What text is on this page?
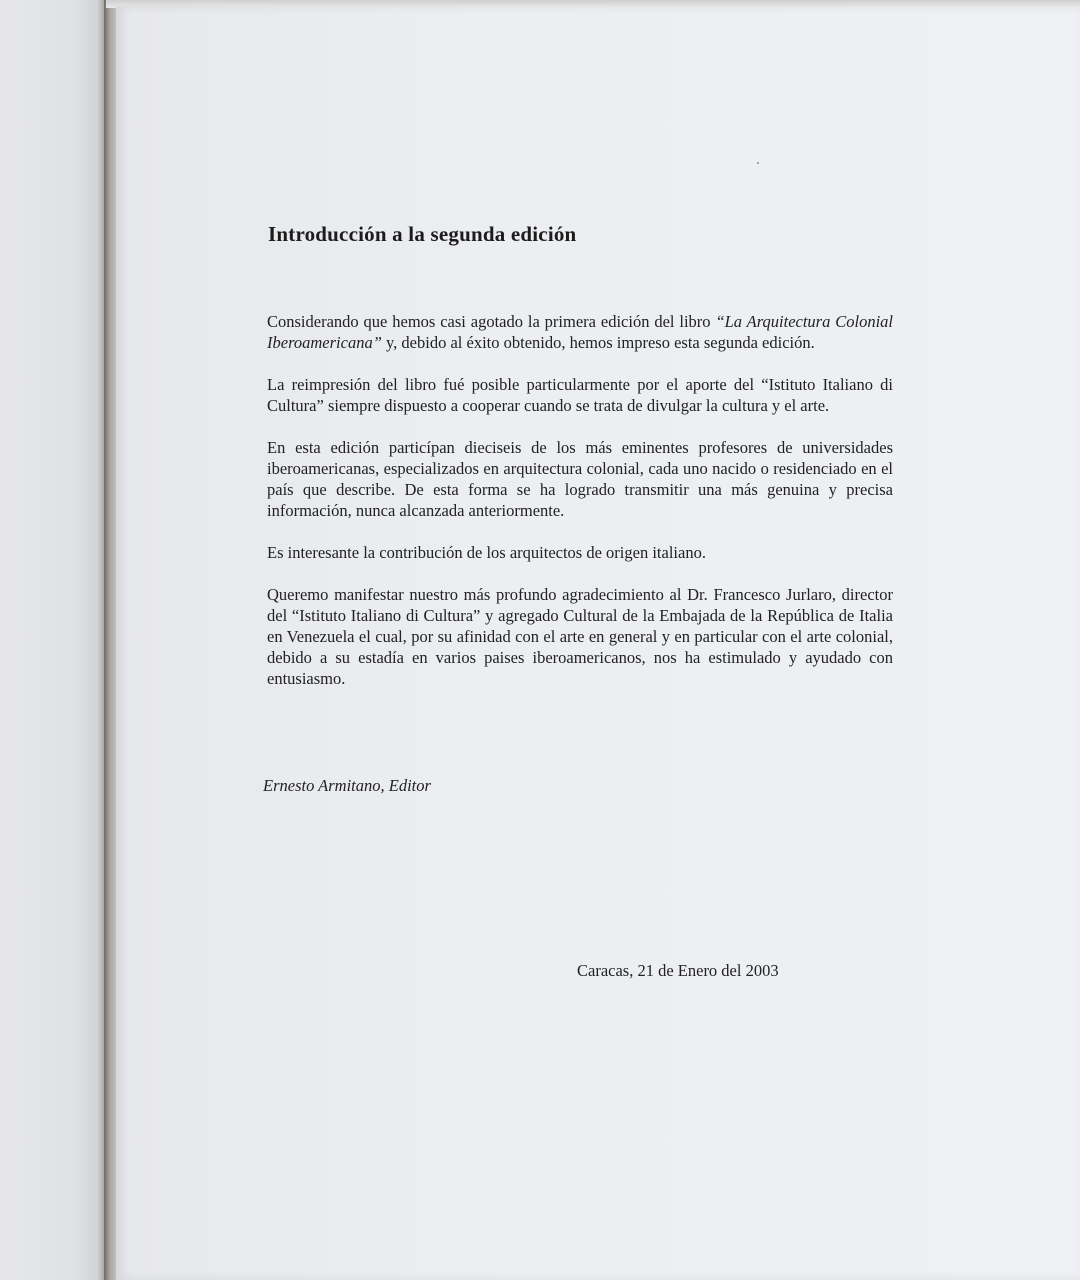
Introducción a la segunda edición

Considerando que hemos casi agotado la primera edición del libro “La Arquitectura Colonial Iberoamericana” y, debido al éxito obtenido, hemos impreso esta segunda edición.

La reimpresión del libro fué posible particularmente por el aporte del “Istituto Italiano di Cultura” siempre dispuesto a cooperar cuando se trata de divulgar la cultura y el arte.

En esta edición particípan dieciseis de los más eminentes profesores de universidades iberoamericanas, especializados en arquitectura colonial, cada uno nacido o residenciado en el país que describe. De esta forma se ha logrado transmitir una más genuina y precisa información, nunca alcanzada anteriormente.

Es interesante la contribución de los arquitectos de origen italiano.

Queremo manifestar nuestro más profundo agradecimiento al Dr. Francesco Jurlaro, director del “Istituto Italiano di Cultura” y agregado Cultural de la Embajada de la República de Italia en Venezuela el cual, por su afinidad con el arte en general y en particular con el arte colonial, debido a su estadía en varios paises iberoamericanos, nos ha estimulado y ayudado con entusiasmo.

Ernesto Armitano, Editor
Caracas, 21 de Enero del 2003
